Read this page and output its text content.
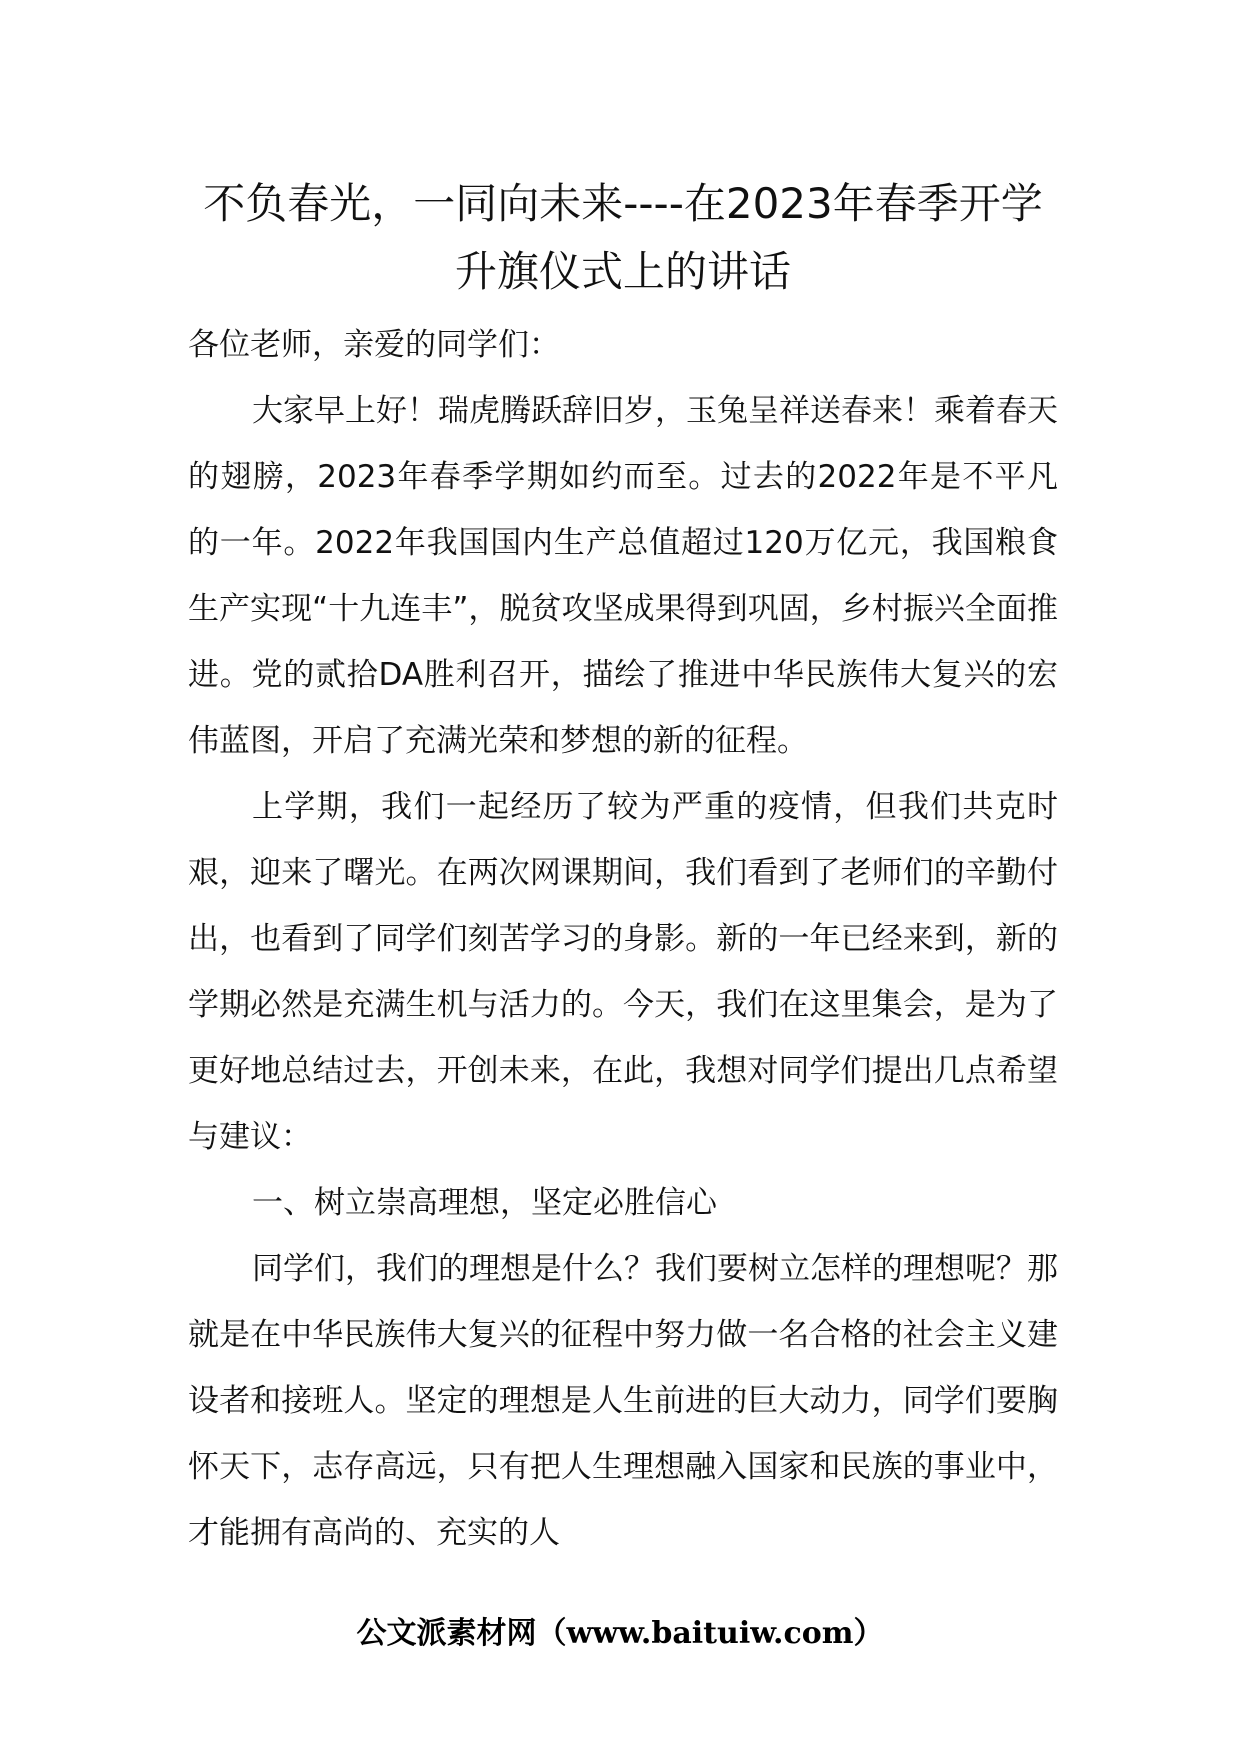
不负春光，一同向未来----在2023年春季开学升旗仪式上的讲话

各位老师，亲爱的同学们：

大家早上好！瑞虎腾跃辞旧岁，玉兔呈祥送春来！乘着春天的翅膀，2023年春季学期如约而至。过去的2022年是不平凡的一年。2022年我国国内生产总值超过120万亿元，我国粮食生产实现“十九连丰”，脱贫攻坚成果得到巩固，乡村振兴全面推进。党的贰拾DA胜利召开，描绘了推进中华民族伟大复兴的宏伟蓝图，开启了充满光荣和梦想的新的征程。

上学期，我们一起经历了较为严重的疫情，但我们共克时艰，迎来了曙光。在两次网课期间，我们看到了老师们的辛勤付出，也看到了同学们刻苦学习的身影。新的一年已经来到，新的学期必然是充满生机与活力的。今天，我们在这里集会，是为了更好地总结过去，开创未来，在此，我想对同学们提出几点希望与建议：

一、树立崇高理想，坚定必胜信心

同学们，我们的理想是什么？我们要树立怎样的理想呢？那就是在中华民族伟大复兴的征程中努力做一名合格的社会主义建设者和接班人。坚定的理想是人生前进的巨大动力，同学们要胸怀天下，志存高远，只有把人生理想融入国家和民族的事业中，才能拥有高尚的、充实的人

公文派素材网（www.baituiw.com）
